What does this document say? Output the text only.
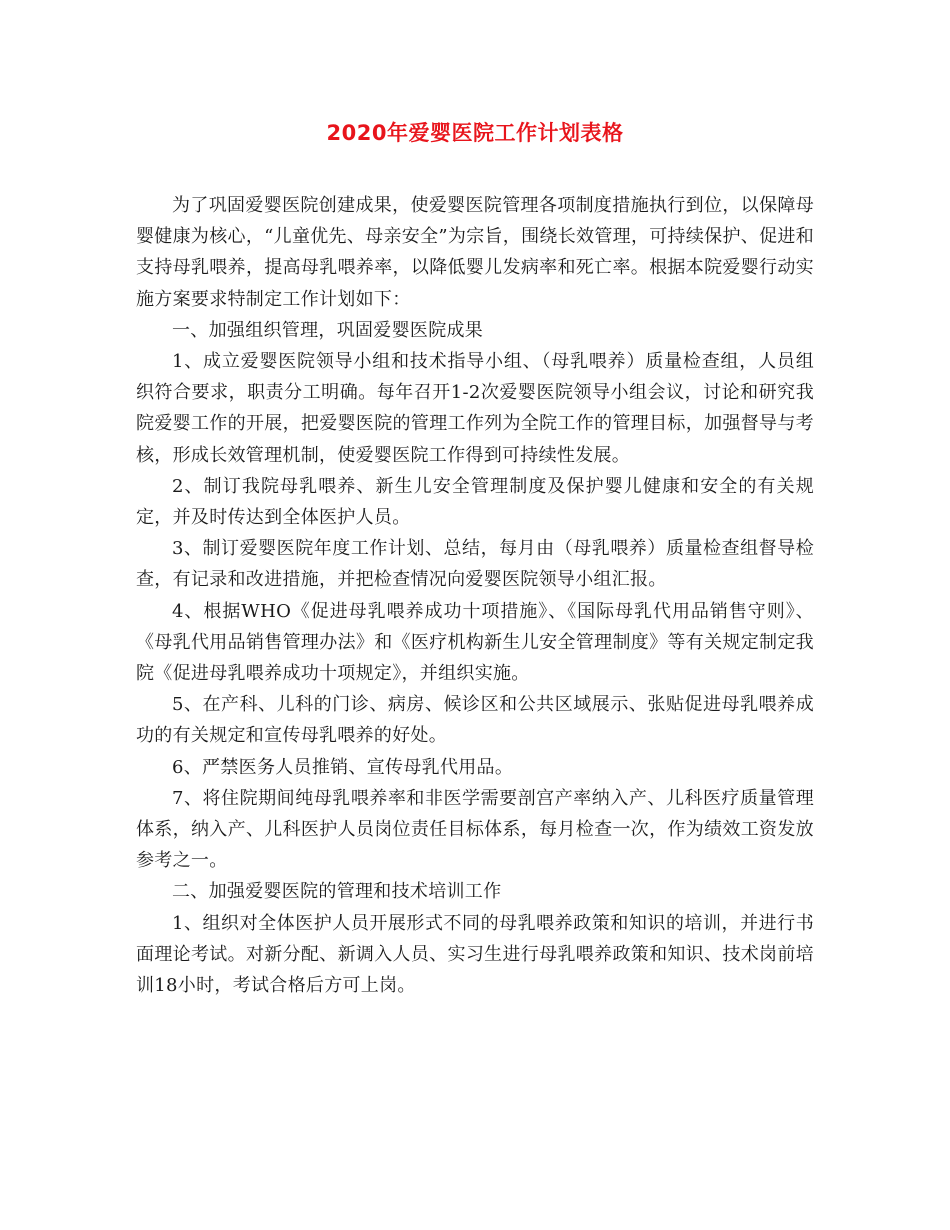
2020年爱婴医院工作计划表格

为了巩固爱婴医院创建成果，使爱婴医院管理各项制度措施执行到位，以保障母婴健康为核心，“儿童优先、母亲安全”为宗旨，围绕长效管理，可持续保护、促进和支持母乳喂养，提高母乳喂养率，以降低婴儿发病率和死亡率。根据本院爱婴行动实施方案要求特制定工作计划如下：

一、加强组织管理，巩固爱婴医院成果

1、成立爱婴医院领导小组和技术指导小组、（母乳喂养）质量检查组，人员组织符合要求，职责分工明确。每年召开1-2次爱婴医院领导小组会议，讨论和研究我院爱婴工作的开展，把爱婴医院的管理工作列为全院工作的管理目标，加强督导与考核，形成长效管理机制，使爱婴医院工作得到可持续性发展。

2、制订我院母乳喂养、新生儿安全管理制度及保护婴儿健康和安全的有关规定，并及时传达到全体医护人员。

3、制订爱婴医院年度工作计划、总结，每月由（母乳喂养）质量检查组督导检查，有记录和改进措施，并把检查情况向爱婴医院领导小组汇报。

4、根据WHO《促进母乳喂养成功十项措施》、《国际母乳代用品销售守则》、《母乳代用品销售管理办法》和《医疗机构新生儿安全管理制度》等有关规定制定我院《促进母乳喂养成功十项规定》，并组织实施。

5、在产科、儿科的门诊、病房、候诊区和公共区域展示、张贴促进母乳喂养成功的有关规定和宣传母乳喂养的好处。

6、严禁医务人员推销、宣传母乳代用品。

7、将住院期间纯母乳喂养率和非医学需要剖宫产率纳入产、儿科医疗质量管理体系，纳入产、儿科医护人员岗位责任目标体系，每月检查一次，作为绩效工资发放参考之一。

二、加强爱婴医院的管理和技术培训工作

1、组织对全体医护人员开展形式不同的母乳喂养政策和知识的培训，并进行书面理论考试。对新分配、新调入人员、实习生进行母乳喂养政策和知识、技术岗前培训18小时，考试合格后方可上岗。
